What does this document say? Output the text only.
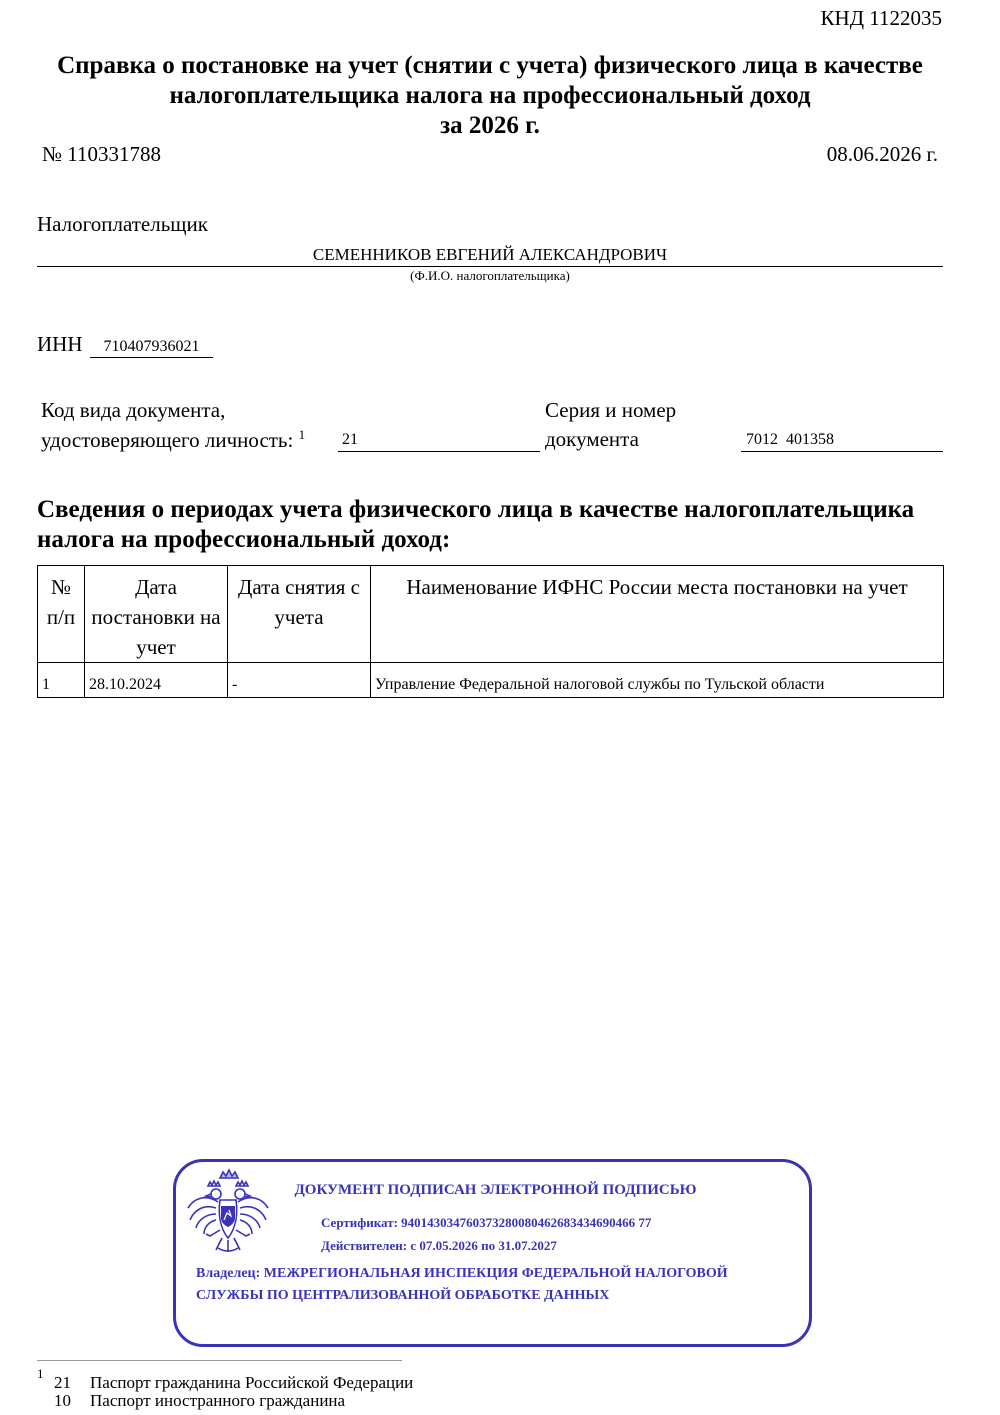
КНД 1122035
Справка о постановке на учет (снятии с учета) физического лица в качестве
налогоплательщика налога на профессиональный доход
за 2026 г.
№ 110331788	08.06.2026 г.
Налогоплательщик
СЕМЕННИКОВ ЕВГЕНИЙ АЛЕКСАНДРОВИЧ
(Ф.И.О. налогоплательщика)
ИНН	710407936021
Код вида документа,
удостоверяющего личность: $^1$ 21
Серия и номер
документа	7012  401358
Сведения о периодах учета физического лица в качестве налогоплательщика
налога на профессиональный доход:
№ п/п	Дата постановки на учет	Дата снятия с учета	Наименование ИФНС России места постановки на учет
1	28.10.2024	-	Управление Федеральной налоговой службы по Тульской области
ДОКУМЕНТ ПОДПИСАН ЭЛЕКТРОННОЙ ПОДПИСЬЮ
Сертификат: 940143034760373280080462683434690466 77
Действителен: с 07.05.2026 по 31.07.2027
Владелец: МЕЖРЕГИОНАЛЬНАЯ ИНСПЕКЦИЯ ФЕДЕРАЛЬНОЙ НАЛОГОВОЙ
СЛУЖБЫ ПО ЦЕНТРАЛИЗОВАННОЙ ОБРАБОТКЕ ДАННЫХ
1 21 Паспорт гражданина Российской Федерации
10 Паспорт иностранного гражданина
